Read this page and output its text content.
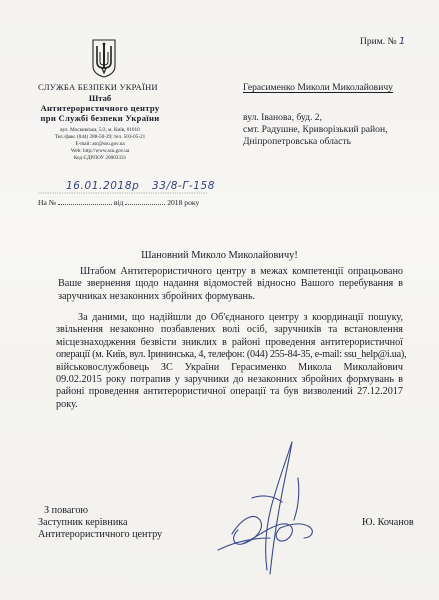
СЛУЖБА БЕЗПЕКИ УКРАЇНИ
Штаб
Антитерористичного центру
при Службі безпеки України
вул. Московська, 5/2, м. Київ, 01010
Тел./факс (044) 288-50-29; тел. 503-05-21
E-mail: atc@ssu.gov.ua
Web: http://www.ssu.gov.ua
Код ЄДРПОУ 20003331
Прим. № 1
Герасименко Миколи Миколайовичу
вул. Іванова, буд. 2,
смт. Радушне, Криворізький район,
Дніпропетровська область
16.01.2018р 33/8-Г-158
На №	від	2018 року
Шановний Миколо Миколайовичу!
Штабом Антитерористичного центру в межах компетенції опрацьовано
Ваше звернення щодо надання відомостей відносно Вашого перебування в
заручниках незаконних збройних формувань.
За даними, що надійшли до Об'єднаного центру з координації пошуку,
звільнення незаконно позбавлених волі осіб, заручників та встановлення
місцезнаходження безвісти зниклих в районі проведення антитерористичної
операції (м. Київ, вул. Ірининська, 4, телефон: (044) 255-84-35, e-mail: ssu_help@i.ua),
військовослужбовець ЗС України Герасименко Микола Миколайович
09.02.2015 року потрапив у заручники до незаконних збройних формувань в
районі проведення антитерористичної операції та був визволений 27.12.2017
року.
З повагою
Заступник керівника
Антитерористичного центру
Ю. Кочанов
